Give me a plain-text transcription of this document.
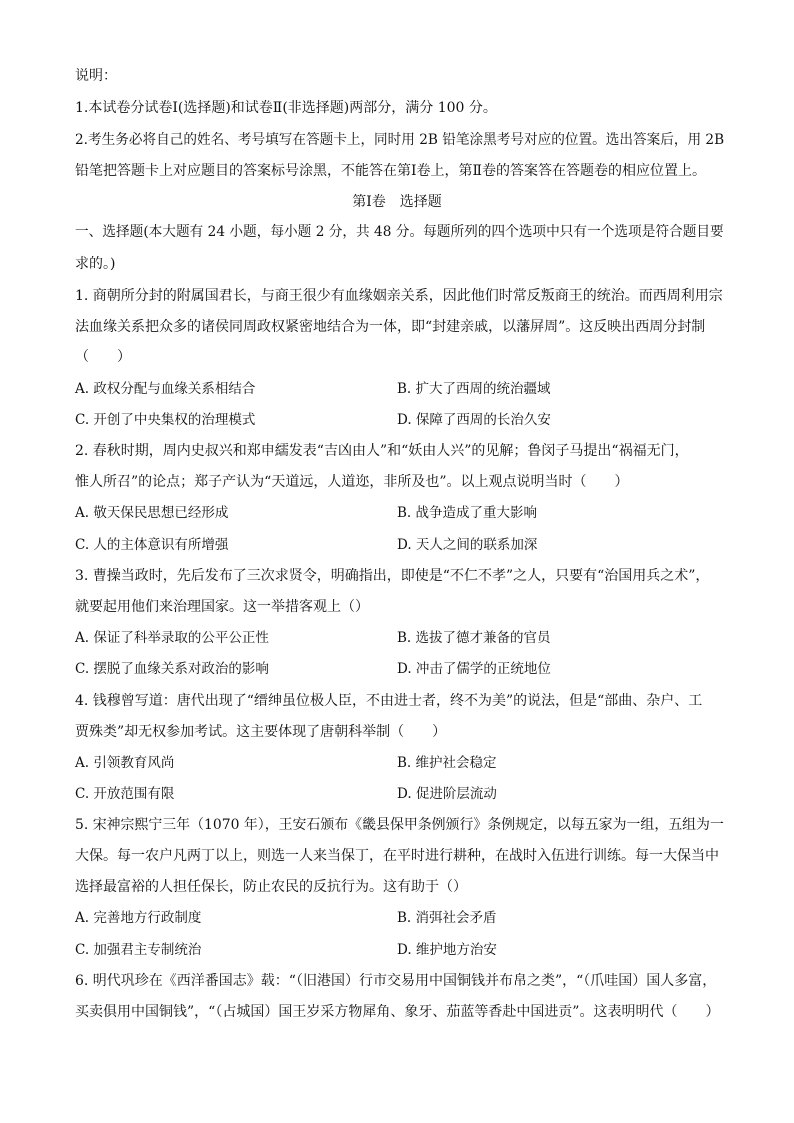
说明：
1.本试卷分试卷Ⅰ(选择题)和试卷Ⅱ(非选择题)两部分，满分 100 分。
2.考生务必将自己的姓名、考号填写在答题卡上，同时用 2B 铅笔涂黑考号对应的位置。选出答案后，用 2B
铅笔把答题卡上对应题目的答案标号涂黑，不能答在第Ⅰ卷上，第Ⅱ卷的答案答在答题卷的相应位置上。
第Ⅰ卷　选择题
一、选择题(本大题有 24 小题，每小题 2 分，共 48 分。每题所列的四个选项中只有一个选项是符合题目要
求的。)
1. 商朝所分封的附属国君长，与商王很少有血缘姻亲关系，因此他们时常反叛商王的统治。而西周利用宗
法血缘关系把众多的诸侯同周政权紧密地结合为一体，即“封建亲戚，以藩屏周”。这反映出西周分封制
（　　）
A. 政权分配与血缘关系相结合	B. 扩大了西周的统治疆域
C. 开创了中央集权的治理模式	D. 保障了西周的长治久安
2. 春秋时期，周内史叔兴和郑申繻发表“吉凶由人”和“妖由人兴”的见解；鲁闵子马提出“祸福无门，
惟人所召”的论点；郑子产认为“天道远，人道迩，非所及也”。以上观点说明当时（　　）
A. 敬天保民思想已经形成	B. 战争造成了重大影响
C. 人的主体意识有所增强	D. 天人之间的联系加深
3. 曹操当政时，先后发布了三次求贤令，明确指出，即使是“不仁不孝”之人，只要有“治国用兵之术”，
就要起用他们来治理国家。这一举措客观上（）
A. 保证了科举录取的公平公正性	B. 选拔了德才兼备的官员
C. 摆脱了血缘关系对政治的影响	D. 冲击了儒学的正统地位
4. 钱穆曾写道：唐代出现了“缙绅虽位极人臣，不由进士者，终不为美”的说法，但是“部曲、杂户、工
贾殊类”却无权参加考试。这主要体现了唐朝科举制（　　）
A. 引领教育风尚	B. 维护社会稳定
C. 开放范围有限	D. 促进阶层流动
5. 宋神宗熙宁三年（1070 年），王安石颁布《畿县保甲条例颁行》条例规定，以每五家为一组，五组为一
大保。每一农户凡两丁以上，则选一人来当保丁，在平时进行耕种，在战时入伍进行训练。每一大保当中
选择最富裕的人担任保长，防止农民的反抗行为。这有助于（）
A. 完善地方行政制度	B. 消弭社会矛盾
C. 加强君主专制统治	D. 维护地方治安
6. 明代巩珍在《西洋番国志》载：“（旧港国）行市交易用中国铜钱并布帛之类”，“（爪哇国）国人多富，
买卖俱用中国铜钱”，“（占城国）国王岁采方物犀角、象牙、茄蓝等香赴中国进贡”。这表明明代（　　）
